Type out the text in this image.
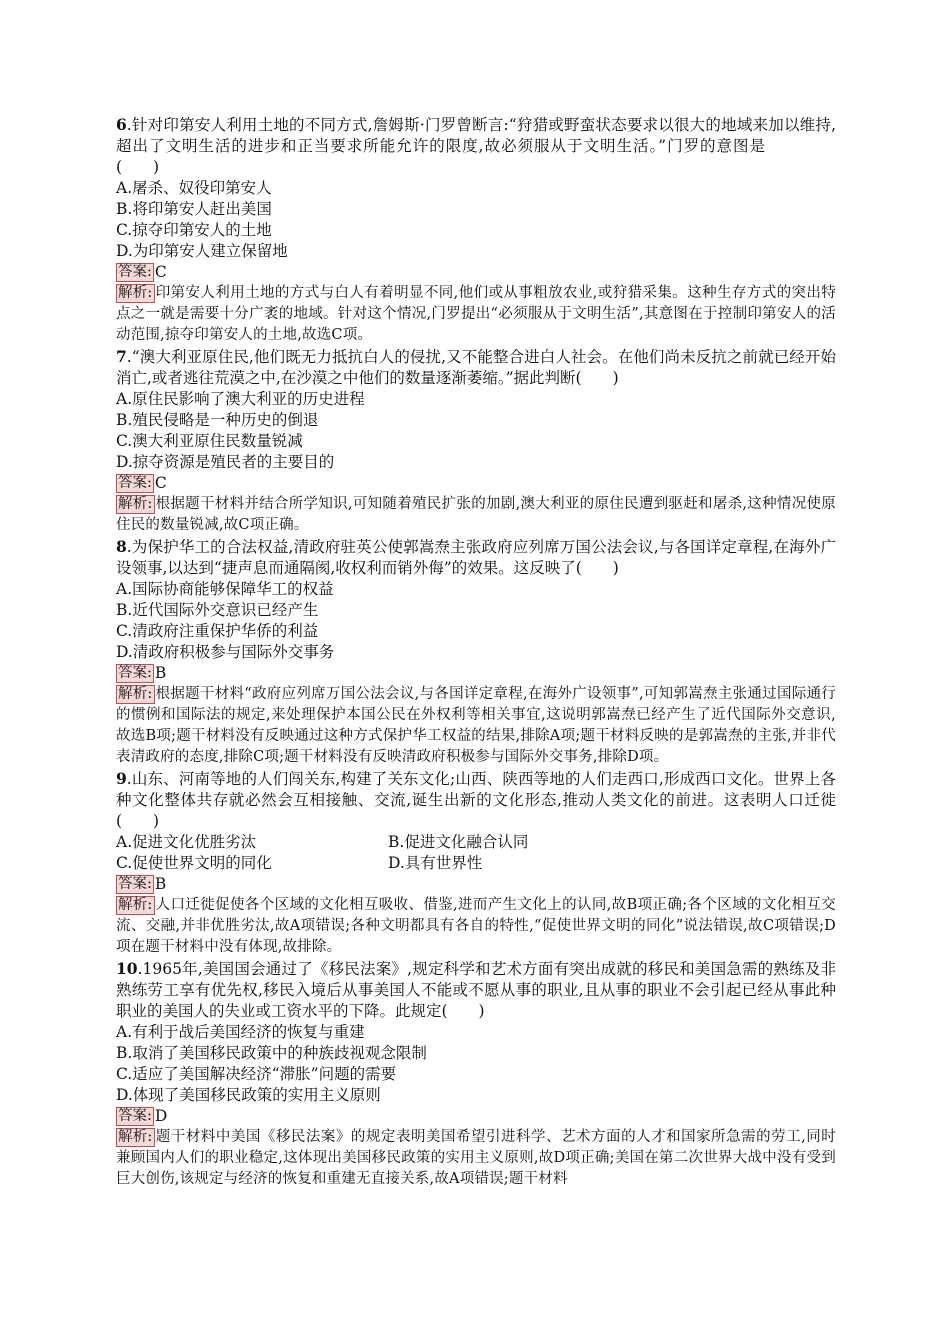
6.针对印第安人利用土地的不同方式,詹姆斯·门罗曾断言:“狩猎或野蛮状态要求以很大的地域来加以维持,超出了文明生活的进步和正当要求所能允许的限度,故必须服从于文明生活。”门罗的意图是(　　)

A.屠杀、奴役印第安人

B.将印第安人赶出美国

C.掠夺印第安人的土地

D.为印第安人建立保留地

答案: C

解析: 印第安人利用土地的方式与白人有着明显不同,他们或从事粗放农业,或狩猎采集。这种生存方式的突出特点之一就是需要十分广袤的地域。针对这个情况,门罗提出“必须服从于文明生活”,其意图在于控制印第安人的活动范围,掠夺印第安人的土地,故选C项。

7.“澳大利亚原住民,他们既无力抵抗白人的侵扰,又不能整合进白人社会。在他们尚未反抗之前就已经开始消亡,或者逃往荒漠之中,在沙漠之中他们的数量逐渐萎缩。”据此判断(　　)

A.原住民影响了澳大利亚的历史进程

B.殖民侵略是一种历史的倒退

C.澳大利亚原住民数量锐减

D.掠夺资源是殖民者的主要目的

答案: C

解析: 根据题干材料并结合所学知识,可知随着殖民扩张的加剧,澳大利亚的原住民遭到驱赶和屠杀,这种情况使原住民的数量锐减,故C项正确。

8.为保护华工的合法权益,清政府驻英公使郭嵩焘主张政府应列席万国公法会议,与各国详定章程,在海外广设领事,以达到“捷声息而通隔阂,收权利而销外侮”的效果。这反映了(　　)

A.国际协商能够保障华工的权益

B.近代国际外交意识已经产生

C.清政府注重保护华侨的利益

D.清政府积极参与国际外交事务

答案: B

解析: 根据题干材料“政府应列席万国公法会议,与各国详定章程,在海外广设领事”,可知郭嵩焘主张通过国际通行的惯例和国际法的规定,来处理保护本国公民在外权利等相关事宜,这说明郭嵩焘已经产生了近代国际外交意识,故选B项;题干材料没有反映通过这种方式保护华工权益的结果,排除A项;题干材料反映的是郭嵩焘的主张,并非代表清政府的态度,排除C项;题干材料没有反映清政府积极参与国际外交事务,排除D项。

9.山东、河南等地的人们闯关东,构建了关东文化;山西、陕西等地的人们走西口,形成西口文化。世界上各种文化整体共存就必然会互相接触、交流,诞生出新的文化形态,推动人类文化的前进。这表明人口迁徙(　　)

A.促进文化优胜劣汰	B.促进文化融合认同
C.促使世界文明的同化	D.具有世界性

答案: B

解析: 人口迁徙促使各个区域的文化相互吸收、借鉴,进而产生文化上的认同,故B项正确;各个区域的文化相互交流、交融,并非优胜劣汰,故A项错误;各种文明都具有各自的特性,“促使世界文明的同化”说法错误,故C项错误;D项在题干材料中没有体现,故排除。

10.1965年,美国国会通过了《移民法案》,规定科学和艺术方面有突出成就的移民和美国急需的熟练及非熟练劳工享有优先权,移民入境后从事美国人不能或不愿从事的职业,且从事的职业不会引起已经从事此种职业的美国人的失业或工资水平的下降。此规定(　　)

A.有利于战后美国经济的恢复与重建

B.取消了美国移民政策中的种族歧视观念限制

C.适应了美国解决经济“滞胀”问题的需要

D.体现了美国移民政策的实用主义原则

答案: D

解析: 题干材料中美国《移民法案》的规定表明美国希望引进科学、艺术方面的人才和国家所急需的劳工,同时兼顾国内人们的职业稳定,这体现出美国移民政策的实用主义原则,故D项正确;美国在第二次世界大战中没有受到巨大创伤,该规定与经济的恢复和重建无直接关系,故A项错误;题干材料
